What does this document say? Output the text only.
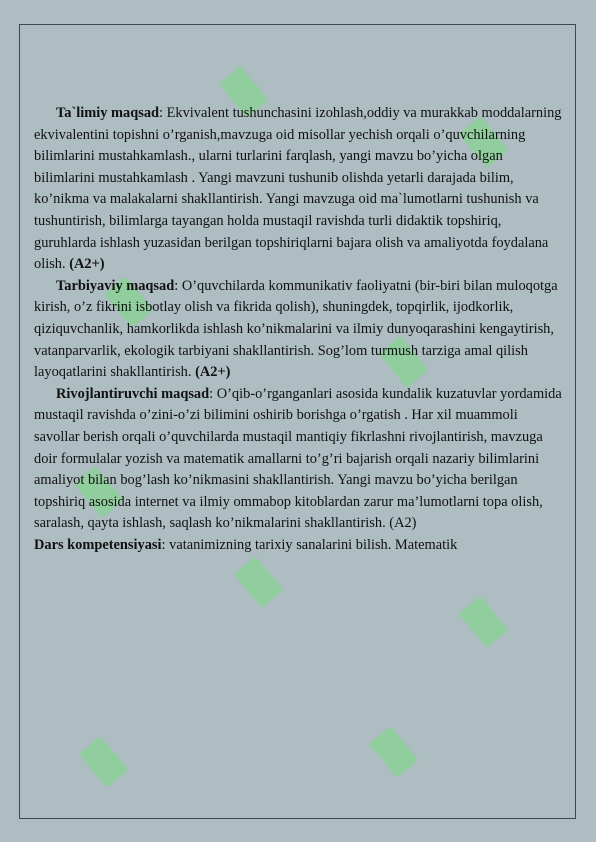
Ta`limiy maqsad: Ekvivalent tushunchasini izohlash,oddiy va murakkab moddalarning ekvivalentini topishni o’rganish,mavzuga oid misollar yechish orqali o’quvchilarning bilimlarini mustahkamlash., ularni turlarini farqlash, yangi mavzu bo’yicha olgan bilimlarini mustahkamlash . Yangi mavzuni tushunib olishda yetarli darajada bilim, ko’nikma va malakalarni shakllantirish. Yangi mavzuga oid ma`lumotlarni tushunish va tushuntirish, bilimlarga tayangan holda mustaqil ravishda turli didaktik topshiriq, guruhlarda ishlash yuzasidan berilgan topshiriqlarni bajara olish va amaliyotda foydalana olish. (A2+)

Tarbiyaviy maqsad: O’quvchilarda kommunikativ faoliyatni (bir-biri bilan muloqotga kirish, o’z fikrini isbotlay olish va fikrida qolish), shuningdek, topqirlik, ijodkorlik, qiziquvchanlik, hamkorlikda ishlash ko’nikmalarini va ilmiy dunyoqarashini kengaytirish, vatanparvarlik, ekologik tarbiyani shakllantirish. Sog’lom turmush tarziga amal qilish layoqatlarini shakllantirish. (A2+)

Rivojlantiruvchi maqsad: O’qib-o’rganganlari asosida kundalik kuzatuvlar yordamida mustaqil ravishda o’zini-o’zi bilimini oshirib borishga o’rgatish . Har xil muammoli savollar berish orqali o’quvchilarda mustaqil mantiqiy fikrlashni rivojlantirish, mavzuga doir formulalar yozish va matematik amallarni to’g’ri bajarish orqali nazariy bilimlarini amaliyot bilan bog’lash ko’nikmasini shakllantirish. Yangi mavzu bo’yicha berilgan topshiriq asosida internet va ilmiy ommabop kitoblardan zarur ma’lumotlarni topa olish, saralash, qayta ishlash, saqlash ko’nikmalarini shakllantirish. (A2)

Dars kompetensiyasi: vatanimizning tarixiy sanalarini bilish. Matematik
